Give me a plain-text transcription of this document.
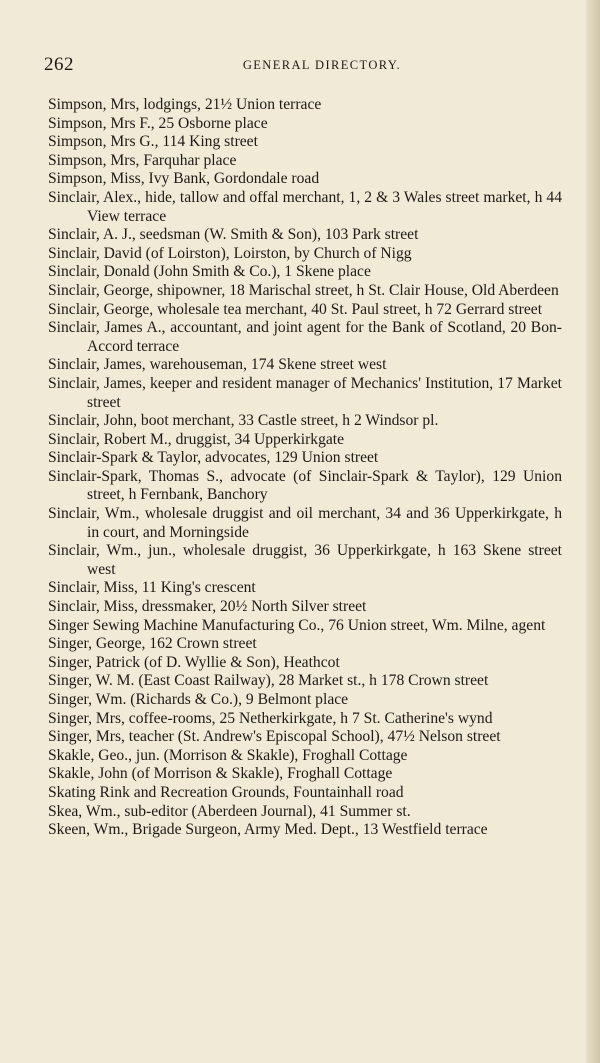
262	GENERAL DIRECTORY.

Simpson, Mrs, lodgings, 21½ Union terrace

Simpson, Mrs F., 25 Osborne place

Simpson, Mrs G., 114 King street

Simpson, Mrs, Farquhar place

Simpson, Miss, Ivy Bank, Gordondale road

Sinclair, Alex., hide, tallow and offal merchant, 1, 2 & 3 Wales street market, h 44 View terrace

Sinclair, A. J., seedsman (W. Smith & Son), 103 Park street

Sinclair, David (of Loirston), Loirston, by Church of Nigg

Sinclair, Donald (John Smith & Co.), 1 Skene place

Sinclair, George, shipowner, 18 Marischal street, h St. Clair House, Old Aberdeen

Sinclair, George, wholesale tea merchant, 40 St. Paul street, h 72 Gerrard street

Sinclair, James A., accountant, and joint agent for the Bank of Scotland, 20 Bon-Accord terrace

Sinclair, James, warehouseman, 174 Skene street west

Sinclair, James, keeper and resident manager of Mechanics' Institution, 17 Market street

Sinclair, John, boot merchant, 33 Castle street, h 2 Windsor pl.

Sinclair, Robert M., druggist, 34 Upperkirkgate

Sinclair-Spark & Taylor, advocates, 129 Union street

Sinclair-Spark, Thomas S., advocate (of Sinclair-Spark & Taylor), 129 Union street, h Fernbank, Banchory

Sinclair, Wm., wholesale druggist and oil merchant, 34 and 36 Upperkirkgate, h in court, and Morningside

Sinclair, Wm., jun., wholesale druggist, 36 Upperkirkgate, h 163 Skene street west

Sinclair, Miss, 11 King's crescent

Sinclair, Miss, dressmaker, 20½ North Silver street

Singer Sewing Machine Manufacturing Co., 76 Union street, Wm. Milne, agent

Singer, George, 162 Crown street

Singer, Patrick (of D. Wyllie & Son), Heathcot

Singer, W. M. (East Coast Railway), 28 Market st., h 178 Crown street

Singer, Wm. (Richards & Co.), 9 Belmont place

Singer, Mrs, coffee-rooms, 25 Netherkirkgate, h 7 St. Catherine's wynd

Singer, Mrs, teacher (St. Andrew's Episcopal School), 47½ Nelson street

Skakle, Geo., jun. (Morrison & Skakle), Froghall Cottage

Skakle, John (of Morrison & Skakle), Froghall Cottage

Skating Rink and Recreation Grounds, Fountainhall road

Skea, Wm., sub-editor (Aberdeen Journal), 41 Summer st.

Skeen, Wm., Brigade Surgeon, Army Med. Dept., 13 Westfield terrace
